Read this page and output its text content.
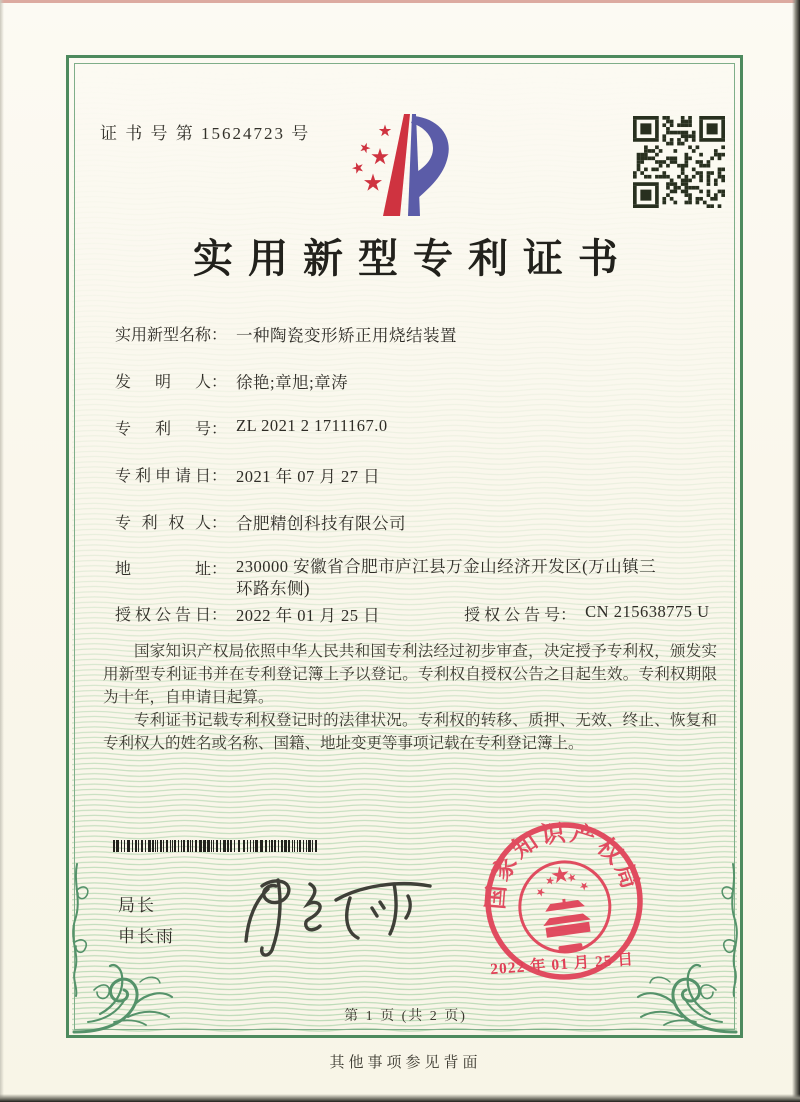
证 书 号 第 15624723 号
实用新型专利证书
实用新型名称： 一种陶瓷变形矫正用烧结装置
发明人： 徐艳;章旭;章涛
专利号： ZL 2021 2 1711167.0
专利申请日： 2021 年 07 月 27 日
专利权人： 合肥精创科技有限公司
地址： 230000 安徽省合肥市庐江县万金山经济开发区(万山镇三环路东侧)
授权公告日： 2022 年 01 月 25 日	授权公告号： CN 215638775 U

国家知识产权局依照中华人民共和国专利法经过初步审查，决定授予专利权，颁发实用新型专利证书并在专利登记簿上予以登记。专利权自授权公告之日起生效。专利权期限为十年，自申请日起算。

专利证书记载专利权登记时的法律状况。专利权的转移、质押、无效、终止、恢复和专利权人的姓名或名称、国籍、地址变更等事项记载在专利登记簿上。

局长
申长雨
国家知识产权局
2022 年 01 月 25 日
第 1 页 (共 2 页)
其他事项参见背面
